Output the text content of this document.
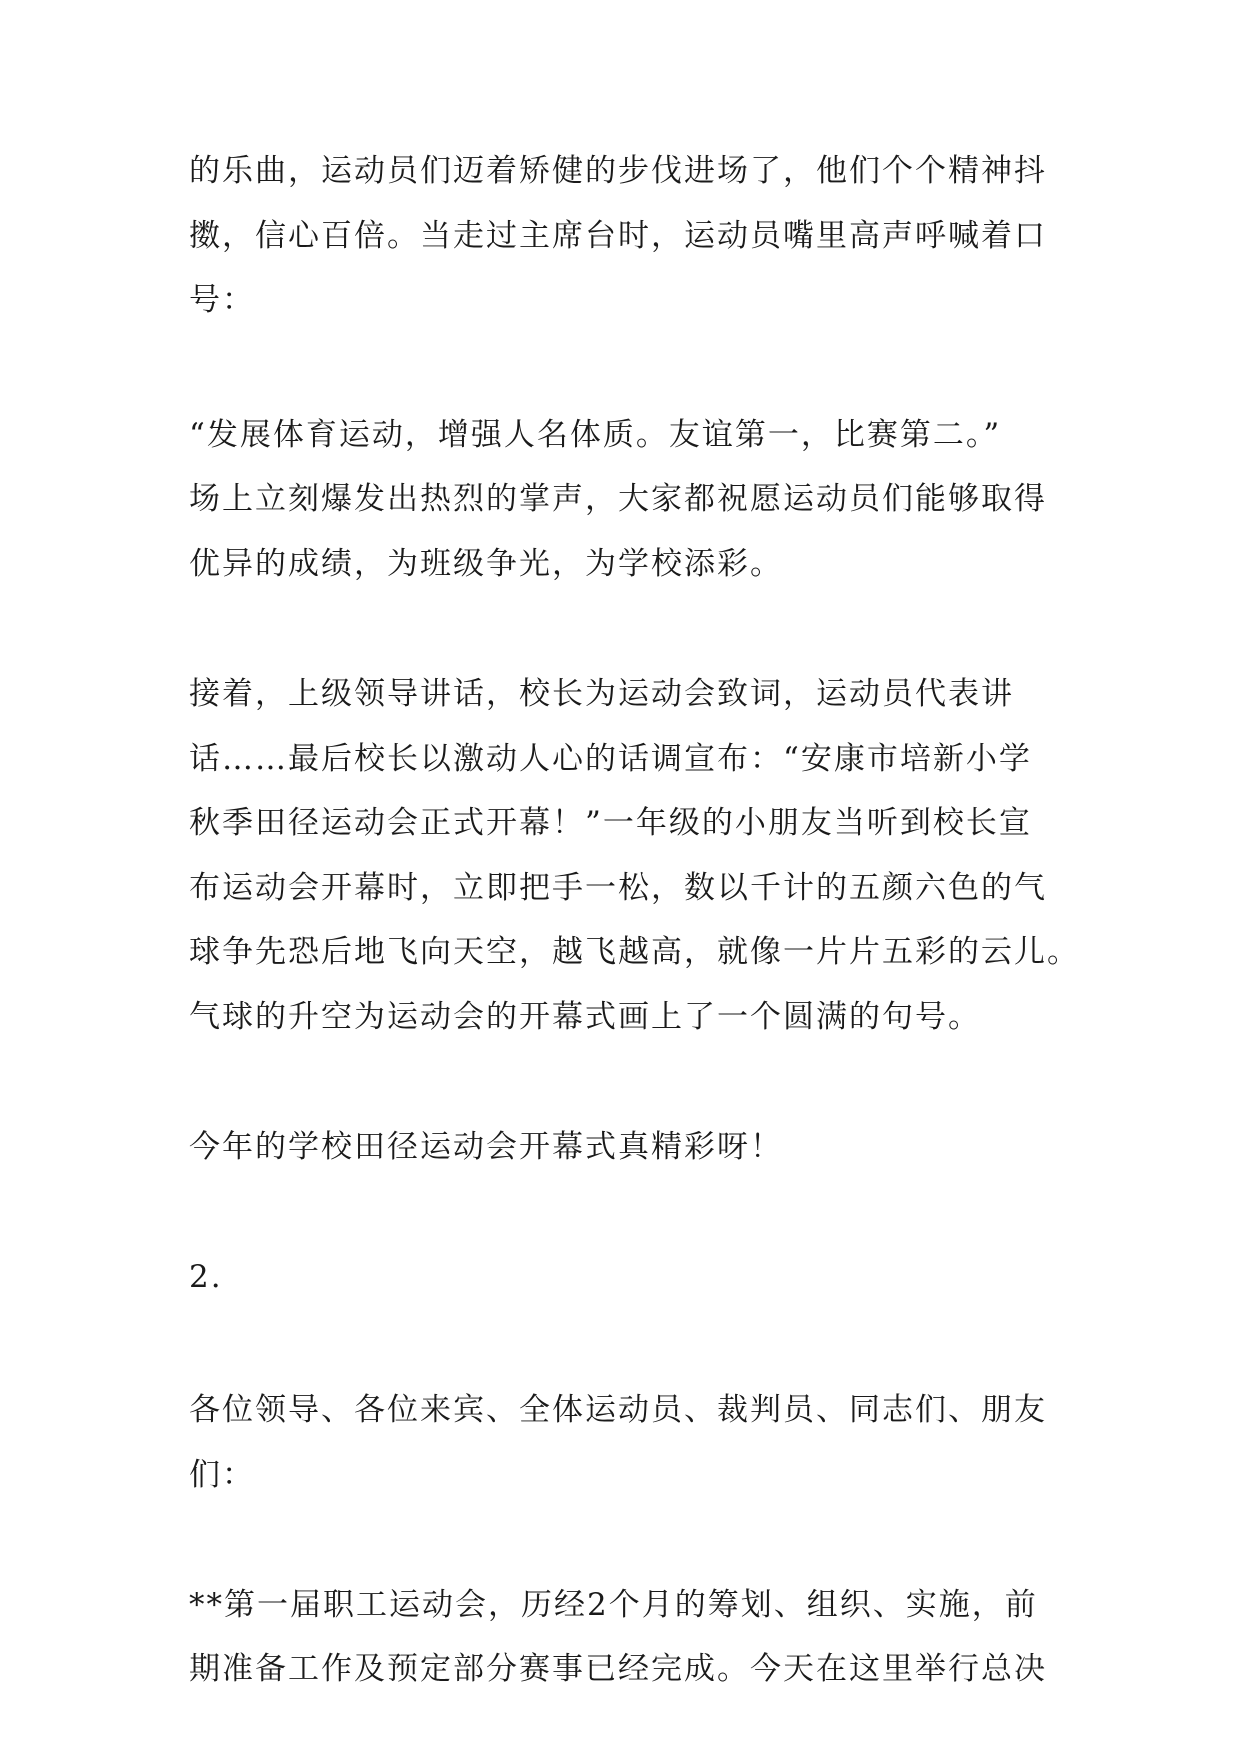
的乐曲，运动员们迈着矫健的步伐进场了，他们个个精神抖

擞，信心百倍。当走过主席台时，运动员嘴里高声呼喊着口

号：

“发展体育运动，增强人名体质。友谊第一，比赛第二。”

场上立刻爆发出热烈的掌声，大家都祝愿运动员们能够取得

优异的成绩，为班级争光，为学校添彩。

接着，上级领导讲话，校长为运动会致词，运动员代表讲

话……最后校长以激动人心的话调宣布：“安康市培新小学

秋季田径运动会正式开幕！”一年级的小朋友当听到校长宣

布运动会开幕时，立即把手一松，数以千计的五颜六色的气

球争先恐后地飞向天空，越飞越高，就像一片片五彩的云儿。

气球的升空为运动会的开幕式画上了一个圆满的句号。

今年的学校田径运动会开幕式真精彩呀！

2.

各位领导、各位来宾、全体运动员、裁判员、同志们、朋友

们：

**第一届职工运动会，历经2个月的筹划、组织、实施，前

期准备工作及预定部分赛事已经完成。今天在这里举行总决
